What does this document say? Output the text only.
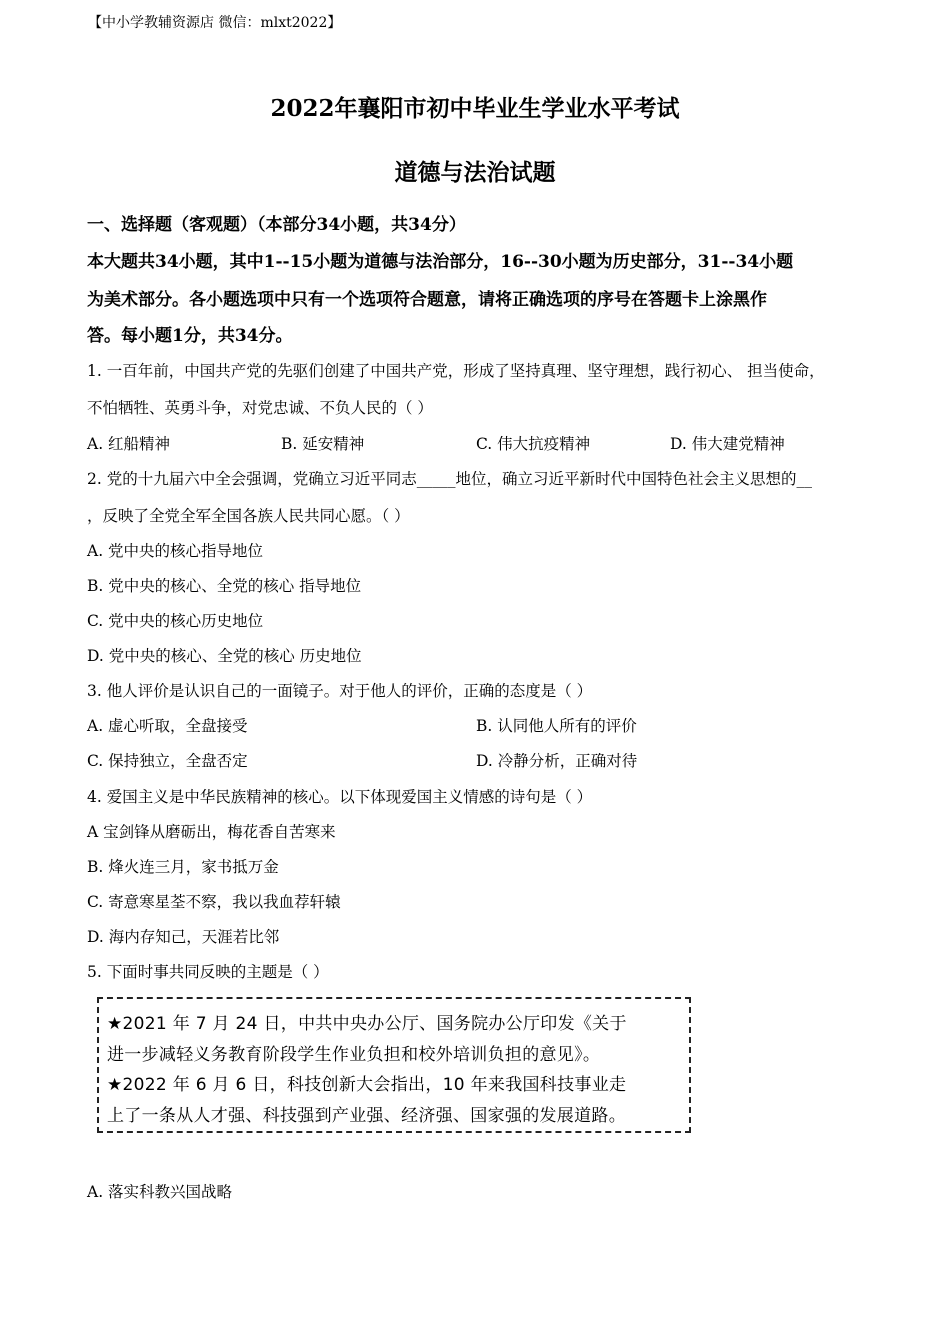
【中小学教辅资源店 微信：mlxt2022】
2022年襄阳市初中毕业生学业水平考试
道德与法治试题
一、选择题（客观题）（本部分34小题，共34分）
本大题共34小题，其中1--15小题为道德与法治部分，16--30小题为历史部分，31--34小题
为美术部分。各小题选项中只有一个选项符合题意，请将正确选项的序号在答题卡上涂黑作
答。每小题1分，共34分。
1. 一百年前，中国共产党的先驱们创建了中国共产党，形成了坚持真理、坚守理想，践行初心、 担当使命，
不怕牺牲、英勇斗争，对党忠诚、不负人民的（ ）
A. 红船精神	B. 延安精神	C. 伟大抗疫精神	D. 伟大建党精神
2. 党的十九届六中全会强调，党确立习近平同志_____地位，确立习近平新时代中国特色社会主义思想的__
，反映了全党全军全国各族人民共同心愿。（ ）
A. 党中央的核心指导地位
B. 党中央的核心、全党的核心 指导地位
C. 党中央的核心历史地位
D. 党中央的核心、全党的核心 历史地位
3. 他人评价是认识自己的一面镜子。对于他人的评价，正确的态度是（ ）
A. 虚心听取，全盘接受	B. 认同他人所有的评价
C. 保持独立，全盘否定	D. 冷静分析，正确对待
4. 爱国主义是中华民族精神的核心。以下体现爱国主义情感的诗句是（ ）
A 宝剑锋从磨砺出，梅花香自苦寒来
B. 烽火连三月，家书抵万金
C. 寄意寒星荃不察，我以我血荐轩辕
D. 海内存知己，天涯若比邻
5. 下面时事共同反映的主题是（ ）

★2021 年 7 月 24 日，中共中央办公厅、国务院办公厅印发《关于

进一步减轻义务教育阶段学生作业负担和校外培训负担的意见》。

★2022 年 6 月 6 日，科技创新大会指出，10 年来我国科技事业走

上了一条从人才强、科技强到产业强、经济强、国家强的发展道路。

A. 落实科教兴国战略
